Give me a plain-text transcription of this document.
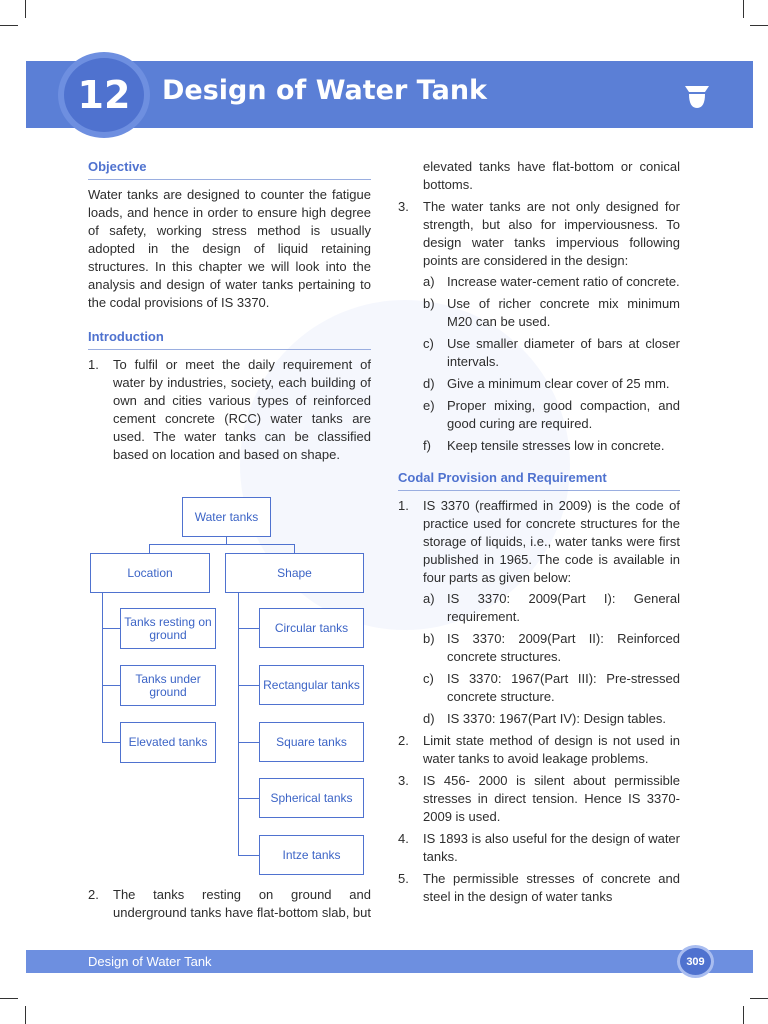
12	Design of Water Tank
Objective
Water tanks are designed to counter the fatigue loads, and hence in order to ensure high degree of safety, working stress method is usually adopted in the design of liquid retaining structures. In this chapter we will look into the analysis and design of water tanks pertaining to the codal provisions of IS 3370.
Introduction
1.	To fulfil or meet the daily requirement of water by industries, society, each building of own and cities various types of reinforced cement concrete (RCC) water tanks are used. The water tanks can be classified based on location and based on shape.
Water tanks
Location	Shape
Tanks resting on ground
Tanks under ground
Elevated tanks
Circular tanks
Rectangular tanks
Square tanks
Spherical tanks
Intze tanks
2.	The tanks resting on ground and underground tanks have flat-bottom slab, but
elevated tanks have flat-bottom or conical bottoms.
3.	The water tanks are not only designed for strength, but also for imperviousness. To design water tanks impervious following points are considered in the design:
a) Increase water-cement ratio of concrete.
b) Use of richer concrete mix minimum M20 can be used.
c)	Use smaller diameter of bars at closer intervals.
d) Give a minimum clear cover of 25 mm.
e) Proper mixing, good compaction, and good curing are required.
f)	Keep tensile stresses low in concrete.
Codal Provision and Requirement
1.	IS 3370 (reaffirmed in 2009) is the code of practice used for concrete structures for the storage of liquids, i.e., water tanks were first published in 1965. The code is available in four parts as given below:
a) IS 3370: 2009(Part I): General requirement.
b) IS 3370: 2009(Part II): Reinforced concrete structures.
c)	IS 3370: 1967(Part III): Pre-stressed concrete structure.
d) IS 3370: 1967(Part IV): Design tables.
2.	Limit state method of design is not used in water tanks to avoid leakage problems.
3.	IS 456- 2000 is silent about permissible stresses in direct tension. Hence IS 3370-2009 is used.
4.	IS 1893 is also useful for the design of water tanks.
5.	The permissible stresses of concrete and steel in the design of water tanks
Design of Water Tank	309
